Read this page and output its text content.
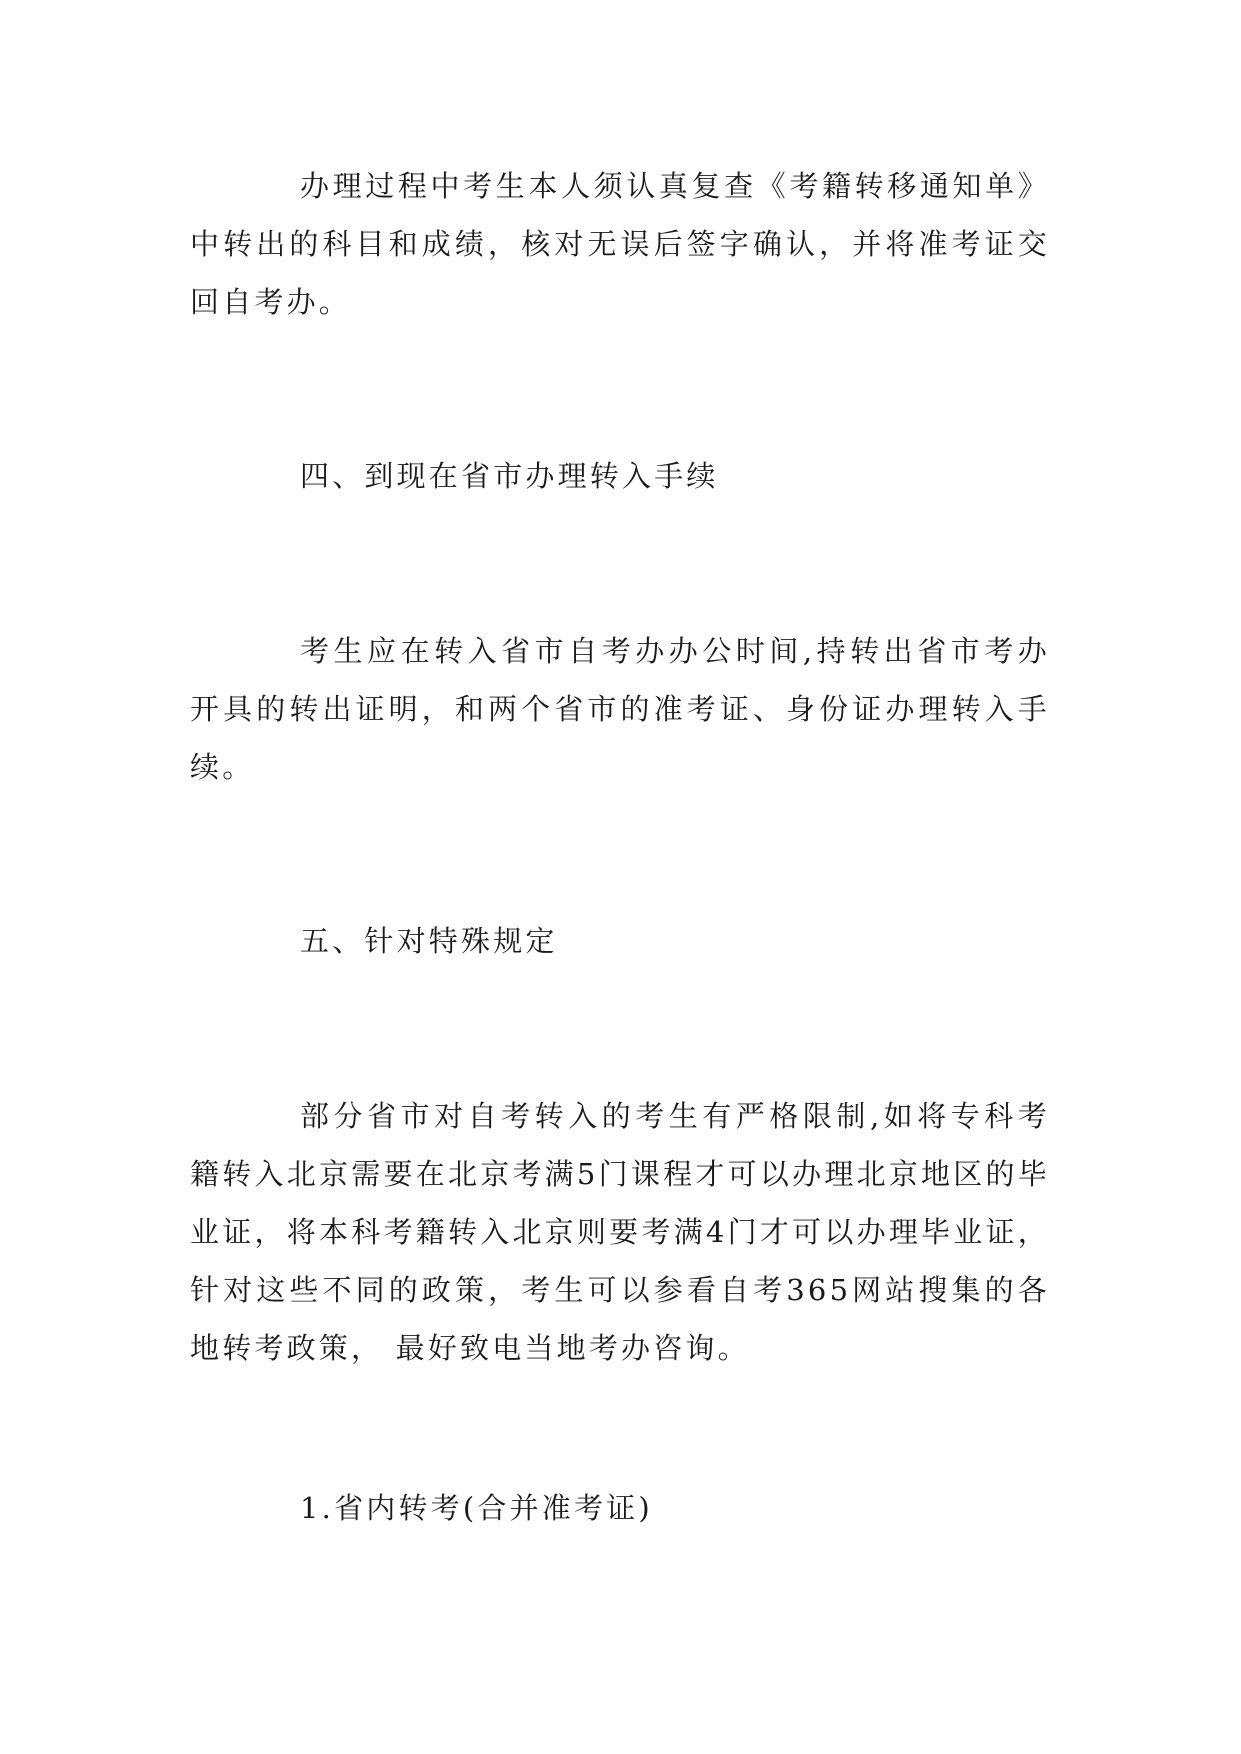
办理过程中考生本人须认真复查《考籍转移通知单》中转出的科目和成绩，核对无误后签字确认，并将准考证交回自考办。

四、到现在省市办理转入手续

考生应在转入省市自考办办公时间,持转出省市考办开具的转出证明，和两个省市的准考证、身份证办理转入手续。

五、针对特殊规定

部分省市对自考转入的考生有严格限制,如将专科考籍转入北京需要在北京考满5门课程才可以办理北京地区的毕业证，将本科考籍转入北京则要考满4门才可以办理毕业证，针对这些不同的政策，考生可以参看自考365网站搜集的各地转考政策， 最好致电当地考办咨询。

1.省内转考(合并准考证)
